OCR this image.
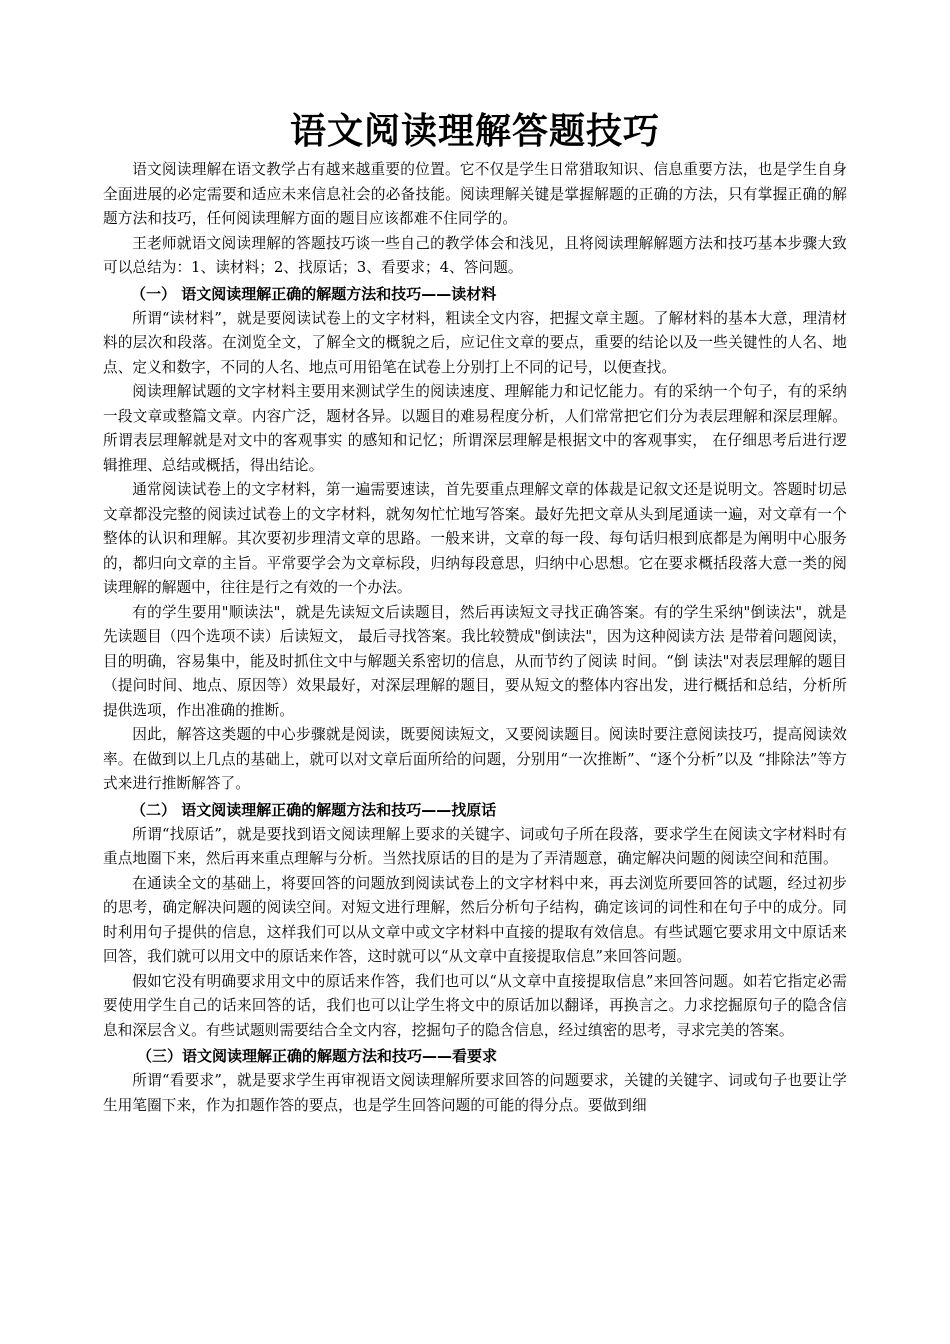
语文阅读理解答题技巧

语文阅读理解在语文教学占有越来越重要的位置。它不仅是学生日常猎取知识、信息重要方法，也是学生自身全面进展的必定需要和适应未来信息社会的必备技能。阅读理解关键是掌握解题的正确的方法，只有掌握正确的解题方法和技巧，任何阅读理解方面的题目应该都难不住同学的。

王老师就语文阅读理解的答题技巧谈一些自己的教学体会和浅见，且将阅读理解解题方法和技巧基本步骤大致可以总结为：1、读材料；2、找原话；3、看要求；4、答问题。

（一） 语文阅读理解正确的解题方法和技巧——读材料

所谓“读材料”，就是要阅读试卷上的文字材料，粗读全文内容，把握文章主题。了解材料的基本大意，理清材料的层次和段落。在浏览全文，了解全文的概貌之后，应记住文章的要点，重要的结论以及一些关键性的人名、地点、定义和数字，不同的人名、地点可用铅笔在试卷上分别打上不同的记号，以便查找。

阅读理解试题的文字材料主要用来测试学生的阅读速度、理解能力和记忆能力。有的采纳一个句子，有的采纳一段文章或整篇文章。内容广泛，题材各异。以题目的难易程度分析，人们常常把它们分为表层理解和深层理解。所谓表层理解就是对文中的客观事实 的感知和记忆；所谓深层理解是根据文中的客观事实， 在仔细思考后进行逻辑推理、总结或概括，得出结论。

通常阅读试卷上的文字材料，第一遍需要速读，首先要重点理解文章的体裁是记叙文还是说明文。答题时切忌文章都没完整的阅读过试卷上的文字材料，就匆匆忙忙地写答案。最好先把文章从头到尾通读一遍，对文章有一个整体的认识和理解。其次要初步理清文章的思路。一般来讲，文章的每一段、每句话归根到底都是为阐明中心服务的，都归向文章的主旨。平常要学会为文章标段，归纳每段意思，归纳中心思想。它在要求概括段落大意一类的阅读理解的解题中，往往是行之有效的一个办法。

有的学生要用"顺读法"，就是先读短文后读题目，然后再读短文寻找正确答案。有的学生采纳"倒读法"，就是先读题目（四个选项不读）后读短文， 最后寻找答案。我比较赞成"倒读法"，因为这种阅读方法 是带着问题阅读， 目的明确，容易集中，能及时抓住文中与解题关系密切的信息，从而节约了阅读 时间。“倒 读法"对表层理解的题目（提问时间、地点、原因等）效果最好，对深层理解的题目，要从短文的整体内容出发，进行概括和总结，分析所提供选项，作出准确的推断。

因此，解答这类题的中心步骤就是阅读，既要阅读短文，又要阅读题目。阅读时要注意阅读技巧，提高阅读效率。在做到以上几点的基础上，就可以对文章后面所给的问题，分别用“一次推断”、“逐个分析”以及 “排除法”等方式来进行推断解答了。

（二） 语文阅读理解正确的解题方法和技巧——找原话

所谓“找原话”，就是要找到语文阅读理解上要求的关键字、词或句子所在段落，要求学生在阅读文字材料时有重点地圈下来，然后再来重点理解与分析。当然找原话的目的是为了弄清题意，确定解决问题的阅读空间和范围。

在通读全文的基础上，将要回答的问题放到阅读试卷上的文字材料中来，再去浏览所要回答的试题，经过初步的思考，确定解决问题的阅读空间。对短文进行理解，然后分析句子结构，确定该词的词性和在句子中的成分。同时利用句子提供的信息，这样我们可以从文章中或文字材料中直接的提取有效信息。有些试题它要求用文中原话来回答，我们就可以用文中的原话来作答，这时就可以“从文章中直接提取信息”来回答问题。

假如它没有明确要求用文中的原话来作答，我们也可以“从文章中直接提取信息”来回答问题。如若它指定必需要使用学生自己的话来回答的话，我们也可以让学生将文中的原话加以翻译，再换言之。力求挖掘原句子的隐含信息和深层含义。有些试题则需要结合全文内容，挖掘句子的隐含信息，经过缜密的思考，寻求完美的答案。

（三）语文阅读理解正确的解题方法和技巧——看要求

所谓“看要求”，就是要求学生再审视语文阅读理解所要求回答的问题要求，关键的关键字、词或句子也要让学生用笔圈下来，作为扣题作答的要点，也是学生回答问题的可能的得分点。要做到细
